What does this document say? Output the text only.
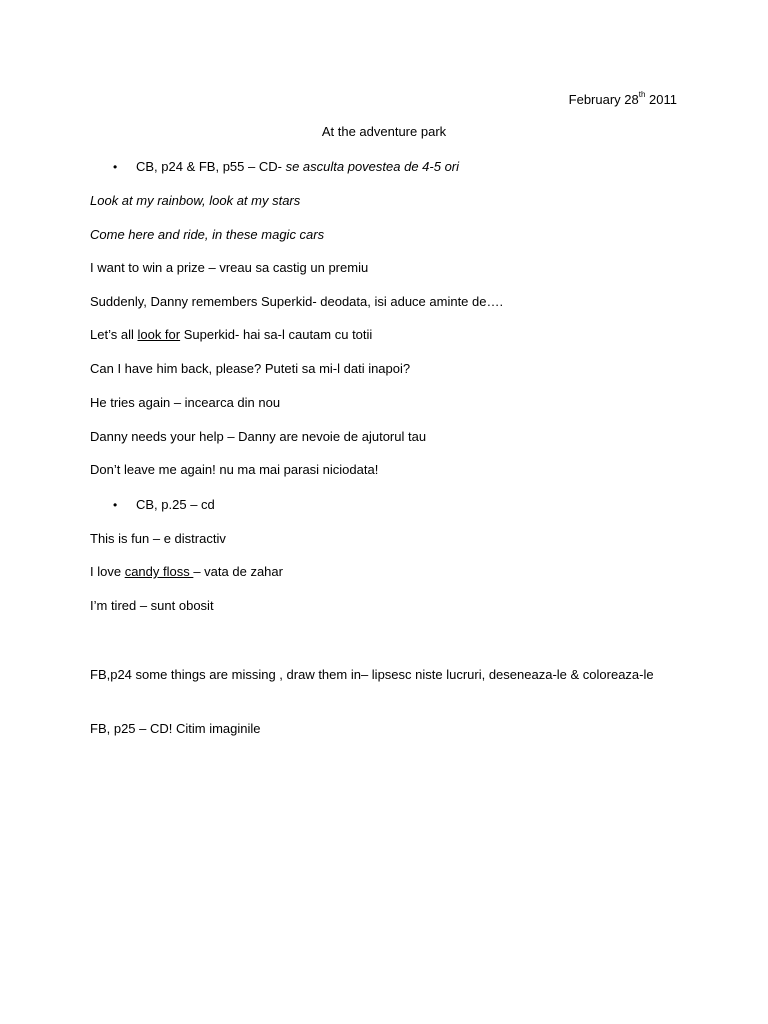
February 28th 2011
At the adventure park
• CB, p24 & FB, p55 – CD- se asculta povestea de 4-5 ori
Look at my rainbow, look at my stars
Come here and ride, in these magic cars
I want to win a prize – vreau sa castig un premiu
Suddenly, Danny remembers Superkid- deodata, isi aduce aminte de….
Let’s all look for Superkid- hai sa-l cautam cu totii
Can I have him back, please? Puteti sa mi-l dati inapoi?
He tries again – incearca din nou
Danny needs your help – Danny are nevoie de ajutorul tau
Don’t leave me again! nu ma mai parasi niciodata!
• CB, p.25 – cd
This is fun – e distractiv
I love candy floss – vata de zahar
I’m tired – sunt obosit
FB,p24 some things are missing , draw them in– lipsesc niste lucruri, deseneaza-le & coloreaza-le
FB, p25 – CD! Citim imaginile
